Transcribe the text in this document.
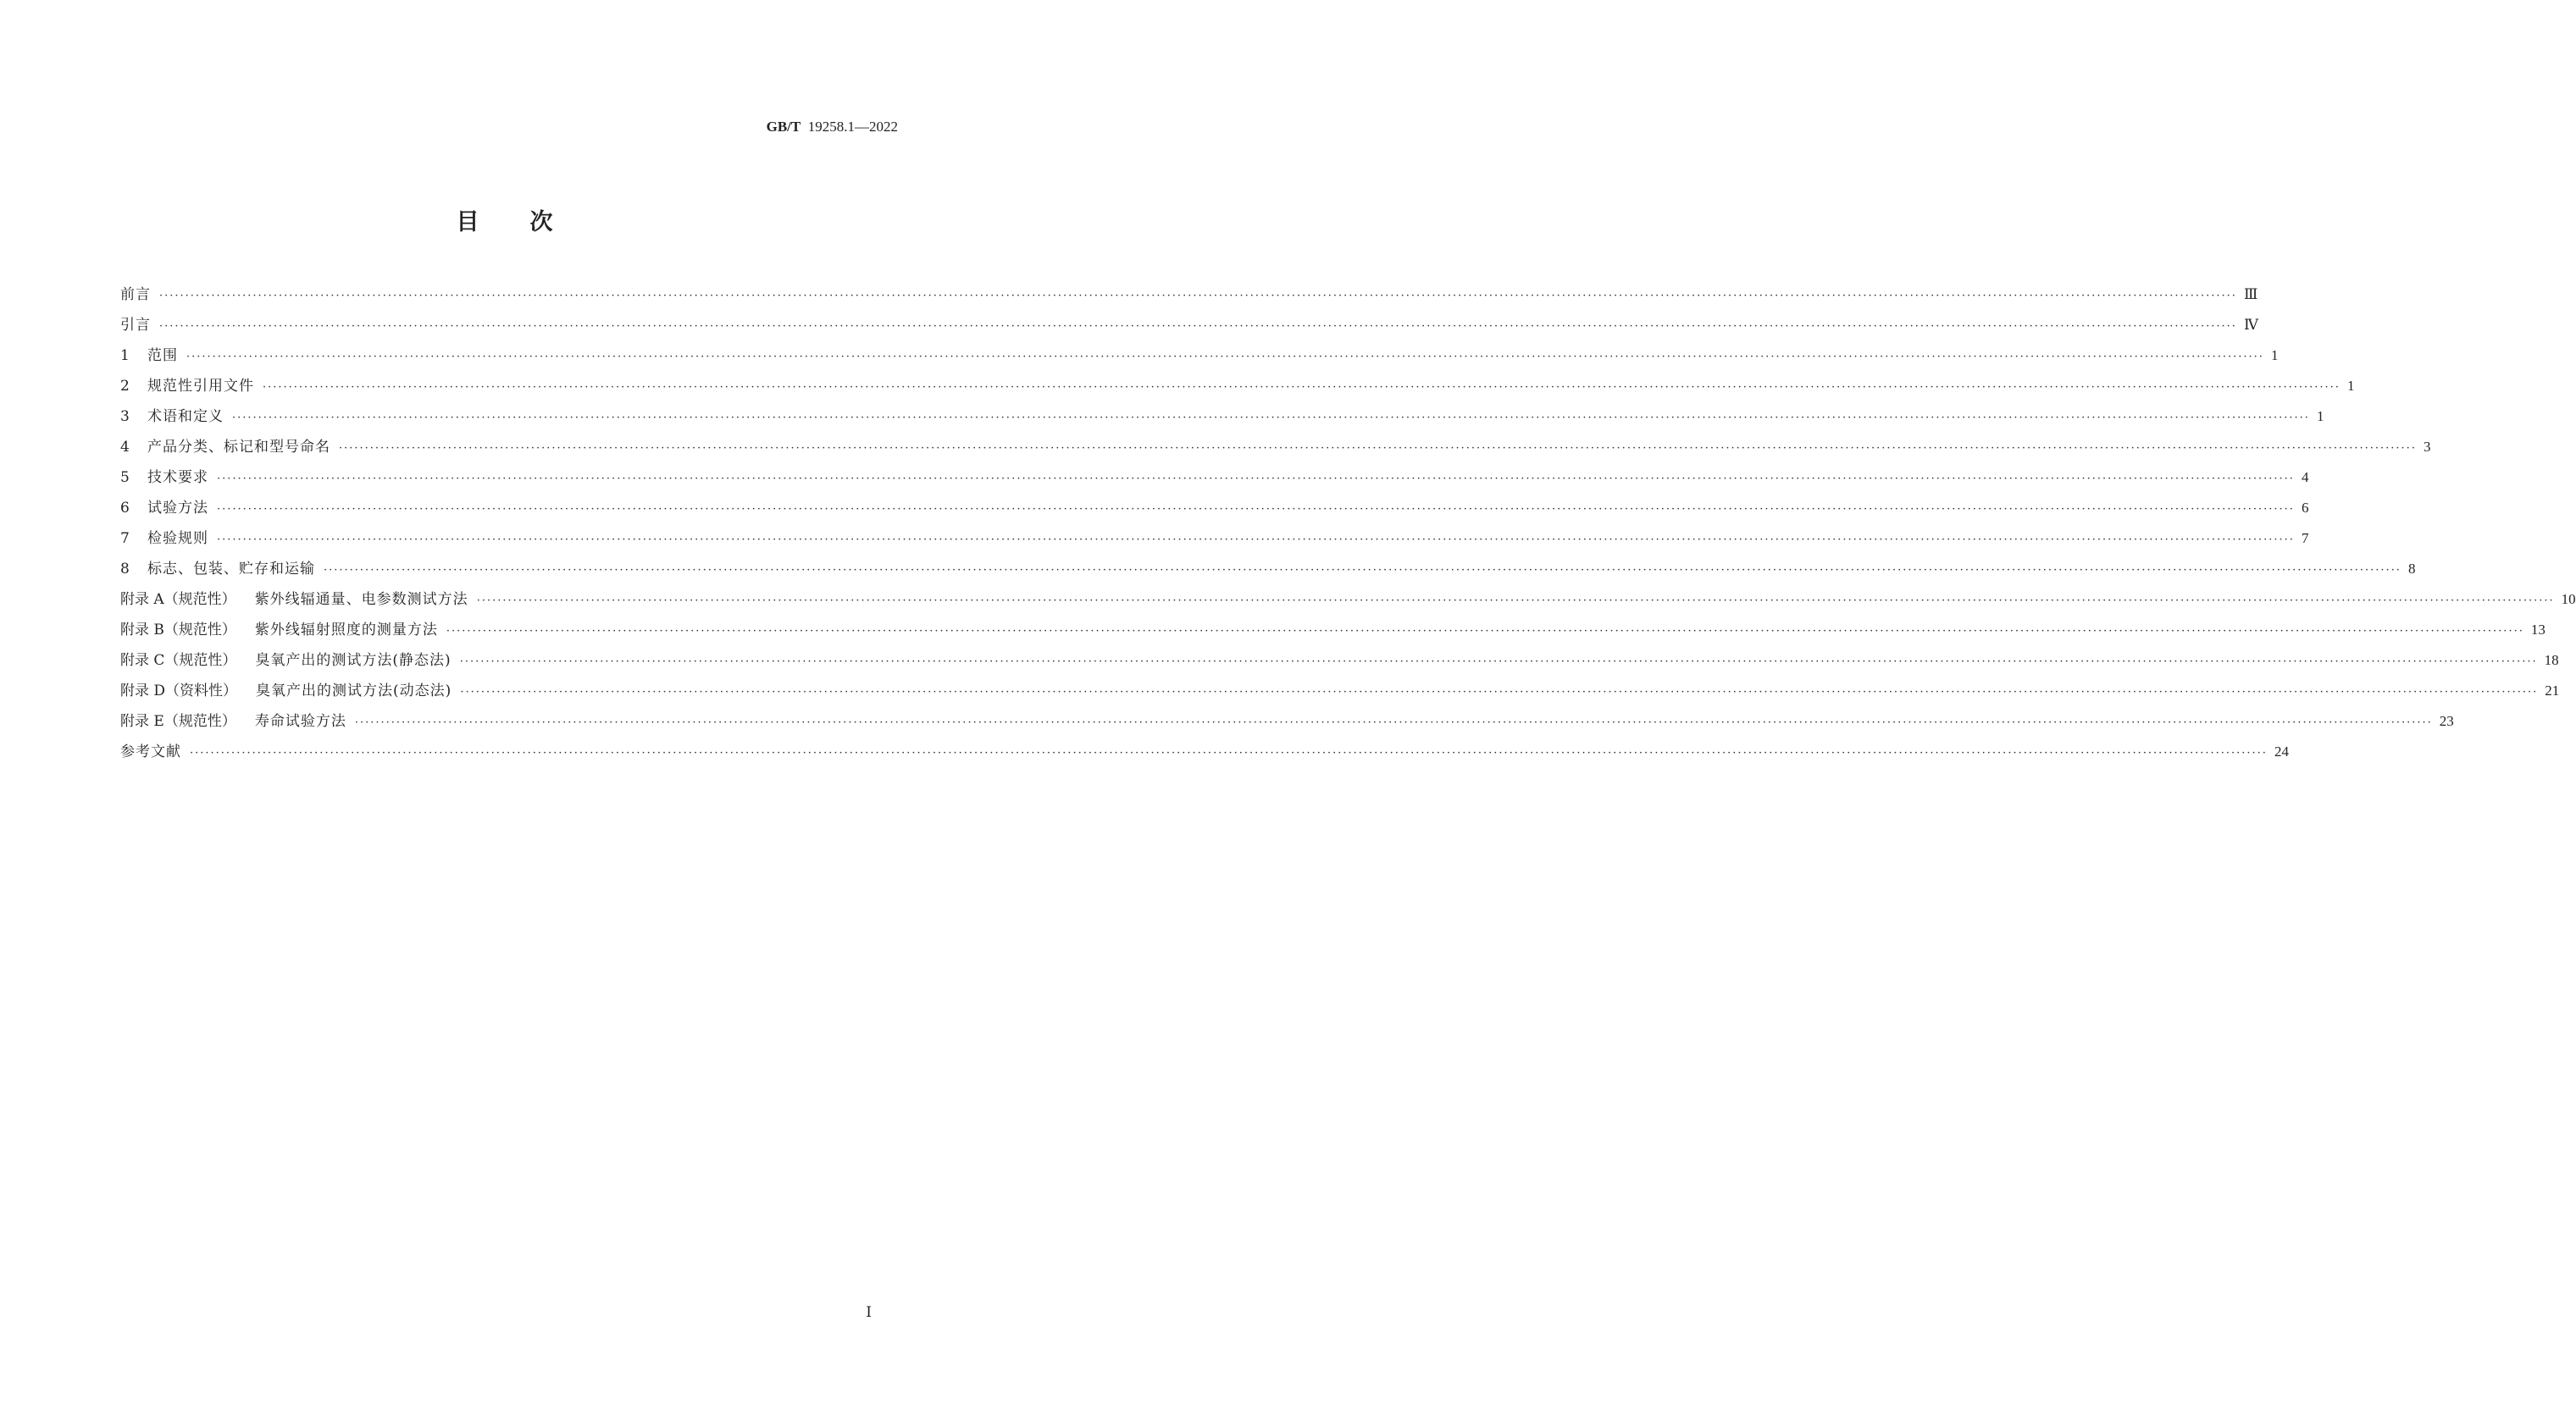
GB/T 19258.1—2022
目次
前言 ················································································································································································································································································································································································································ Ⅲ
引言 ················································································································································································································································································································································································································ Ⅳ
1 范围 ················································································································································································································································································································································································································ 1
2 规范性引用文件 ················································································································································································································································································································································································································ 1
3 术语和定义 ················································································································································································································································································································································································································ 1
4 产品分类、标记和型号命名 ················································································································································································································································································································································································································ 3
5 技术要求 ················································································································································································································································································································································································································ 4
6 试验方法 ················································································································································································································································································································································································································ 6
7 检验规则 ················································································································································································································································································································································································································ 7
8 标志、包装、贮存和运输 ················································································································································································································································································································································································································ 8
附录 A（规范性） 紫外线辐通量、电参数测试方法 ················································································································································································································································································································································································································ 10
附录 B（规范性） 紫外线辐射照度的测量方法 ················································································································································································································································································································································································································ 13
附录 C（规范性） 臭氧产出的测试方法(静态法) ················································································································································································································································································································································································································ 18
附录 D（资料性） 臭氧产出的测试方法(动态法) ················································································································································································································································································································································································································ 21
附录 E（规范性） 寿命试验方法 ················································································································································································································································································································································································································ 23
参考文献 ················································································································································································································································································································································································································ 24
Ⅰ
